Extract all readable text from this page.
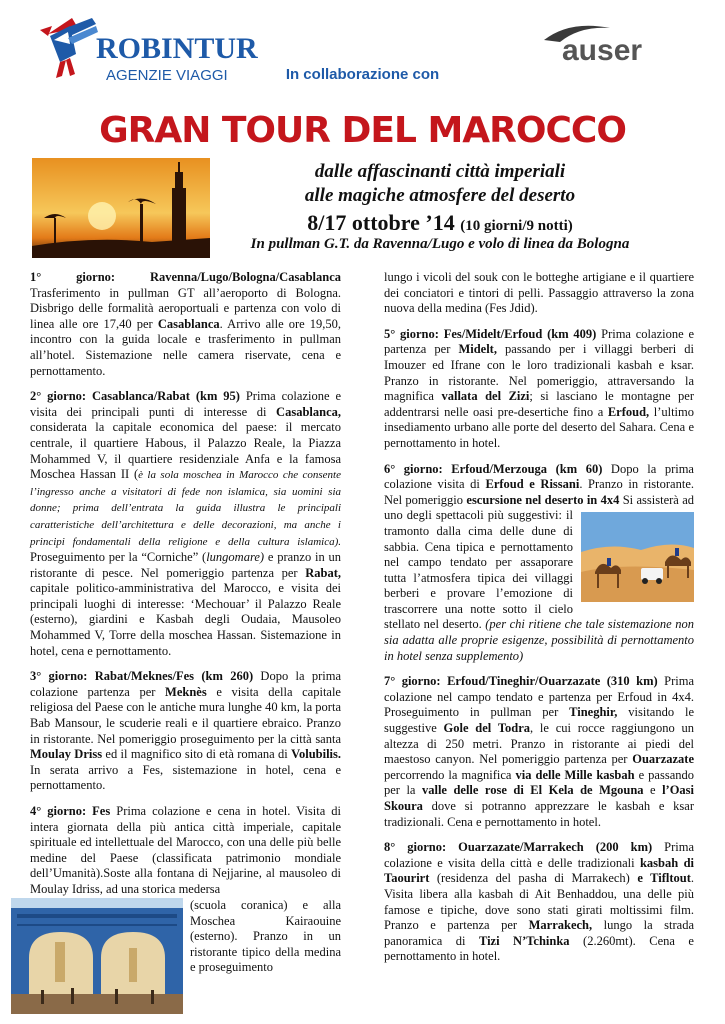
ROBINTUR
AGENZIE VIAGGI
auser
In collaborazione con
GRAN TOUR DEL MAROCCO
dalle affascinanti città imperiali
alle magiche atmosfere del deserto
8/17 ottobre ’14 (10 giorni/9 notti)
In pullman G.T. da Ravenna/Lugo e volo di linea da Bologna

1° giorno: Ravenna/Lugo/Bologna/Casablanca
Trasferimento in pullman GT all’aeroporto di Bologna. Disbrigo delle formalità aeroportuali e partenza con volo di linea alle ore 17,40 per Casablanca. Arrivo alle ore 19,50, incontro con la guida locale e trasferimento in pullman all’hotel. Sistemazione nelle camera riservate, cena e pernottamento.

2° giorno: Casablanca/Rabat (km 95) Prima colazione e visita dei principali punti di interesse di Casablanca, considerata la capitale economica del paese: il mercato centrale, il quartiere Habous, il Palazzo Reale, la Piazza Mohammed V, il quartiere residenziale Anfa e la famosa Moschea Hassan II (è la sola moschea in Marocco che consente l’ingresso anche a visitatori di fede non islamica, sia uomini sia donne; prima dell’entrata la guida illustra le principali caratteristiche dell’architettura e delle decorazioni, ma anche i principi fondamentali della religione e della cultura islamica). Proseguimento per la “Corniche” (lungomare) e pranzo in un ristorante di pesce. Nel pomeriggio partenza per Rabat, capitale politico-amministrativa del Marocco, e visita dei principali luoghi di interesse: ‘Mechouar’ il Palazzo Reale (esterno), giardini e Kasbah degli Oudaia, Mausoleo Mohammed V, Torre della moschea Hassan. Sistemazione in hotel, cena e pernottamento.

3° giorno: Rabat/Meknes/Fes (km 260) Dopo la prima colazione partenza per Meknès e visita della capitale religiosa del Paese con le antiche mura lunghe 40 km, la porta Bab Mansour, le scuderie reali e il quartiere ebraico. Pranzo in ristorante. Nel pomeriggio proseguimento per la città santa Moulay Driss ed il magnifico sito di età romana di Volubilis. In serata arrivo a Fes, sistemazione in hotel, cena e pernottamento.

4° giorno: Fes Prima colazione e cena in hotel. Visita di intera giornata della più antica città imperiale, capitale spirituale ed intellettuale del Marocco, con una delle più belle medine del Paese (classificata patrimonio mondiale dell’Umanità).Soste alla fontana di Nejjarine, al mausoleo di Moulay Idriss, ad una storica medersa

(scuola coranica) e alla Moschea Kairaouine (esterno). Pranzo in un ristorante tipico della medina e proseguimento

lungo i vicoli del souk con le botteghe artigiane e il quartiere dei conciatori e tintori di pelli. Passaggio attraverso la zona nuova della medina (Fes Jdid).

5° giorno: Fes/Midelt/Erfoud (km 409) Prima colazione e partenza per Midelt, passando per i villaggi berberi di Imouzer ed Ifrane con le loro tradizionali kasbah e ksar. Pranzo in ristorante. Nel pomeriggio, attraversando la magnifica vallata del Zizi; si lasciano le montagne per addentrarsi nelle oasi pre-desertiche fino a Erfoud, l’ultimo insediamento urbano alle porte del deserto del Sahara. Cena e pernottamento in hotel.

6° giorno: Erfoud/Merzouga (km 60) Dopo la prima colazione visita di Erfoud e Rissani. Pranzo in ristorante. Nel pomeriggio escursione nel deserto in 4x4
Si assisterà ad uno degli spettacoli più suggestivi: il tramonto dalla cima delle dune di sabbia. Cena tipica e pernottamento nel campo tendato per assaporare tutta l’atmosfera tipica dei villaggi berberi e provare l’emozione di trascorrere una notte sotto il cielo stellato nel deserto. (per chi ritiene che tale sistemazione non sia adatta alle proprie esigenze, possibilità di pernottamento in hotel senza supplemento)

7° giorno: Erfoud/Tineghir/Ouarzazate (310 km) Prima colazione nel campo tendato e partenza per Erfoud in 4x4. Proseguimento in pullman per Tineghir, visitando le suggestive Gole del Todra, le cui rocce raggiungono un altezza di 250 metri. Pranzo in ristorante ai piedi del maestoso canyon. Nel pomeriggio partenza per Ouarzazate percorrendo la magnifica via delle Mille kasbah e passando per la valle delle rose di El Kela de Mgouna e l’Oasi Skoura dove si potranno apprezzare le kasbah e ksar tradizionali. Cena e pernottamento in hotel.

8° giorno: Ouarzazate/Marrakech (200 km) Prima colazione e visita della città e delle tradizionali kasbah di Taourirt (residenza del pasha di Marrakech) e Tifltout. Visita libera alla kasbah di Ait Benhaddou, una delle più famose e tipiche, dove sono stati girati moltissimi film. Pranzo e partenza per Marrakech, lungo la strada panoramica di Tizi N’Tchinka (2.260mt). Cena e pernottamento in hotel.
